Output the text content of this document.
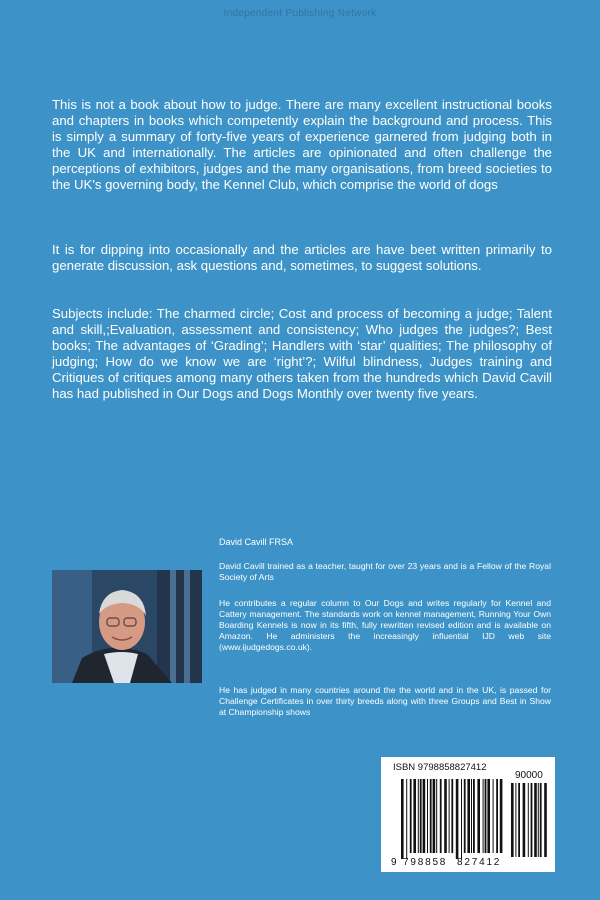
Independent Publishing Network

This is not a book about how to judge. There are many excellent instructional books and chapters in books which competently explain the background and process. This is simply a summary of forty-five years of experience garnered from judging both in the UK and internationally. The articles are opinionated and often challenge the perceptions of exhibitors, judges and the many organisations, from breed societies to the UK's governing body, the Kennel Club, which comprise the world of dogs

It is for dipping into occasionally and the articles are have beet written primarily to generate discussion, ask questions and, sometimes, to suggest solutions.

Subjects include: The charmed circle; Cost and process of becoming a judge; Talent and skill,;Evaluation, assessment and consistency; Who judges the judges?; Best books; The advantages of ‘Grading’; Handlers with ‘star’ qualities; The philosophy of judging; How do we know we are ‘right’?; Wilful blindness, Judges training and Critiques of critiques among many others taken from the hundreds which David Cavill has had published in Our Dogs and Dogs Monthly over twenty five years.

David Cavill FRSA

David Cavill trained as a teacher, taught for over 23 years and is a Fellow of the Royal Society of Arts

He contributes a regular column to Our Dogs and writes regularly for Kennel and Cattery management. The standards work on kennel management, Running Your Own Boarding Kennels is now in its fifth, fully rewritten revised edition and is available on Amazon. He administers the increasingly influential IJD web site (www.ijudgedogs.co.uk).

He has judged in many countries around the the world and in the UK, is passed for Challenge Certificates in over thirty breeds along with three Groups and Best in Show at Championship shows

ISBN 9798858827412
9 798858 827412
90000
